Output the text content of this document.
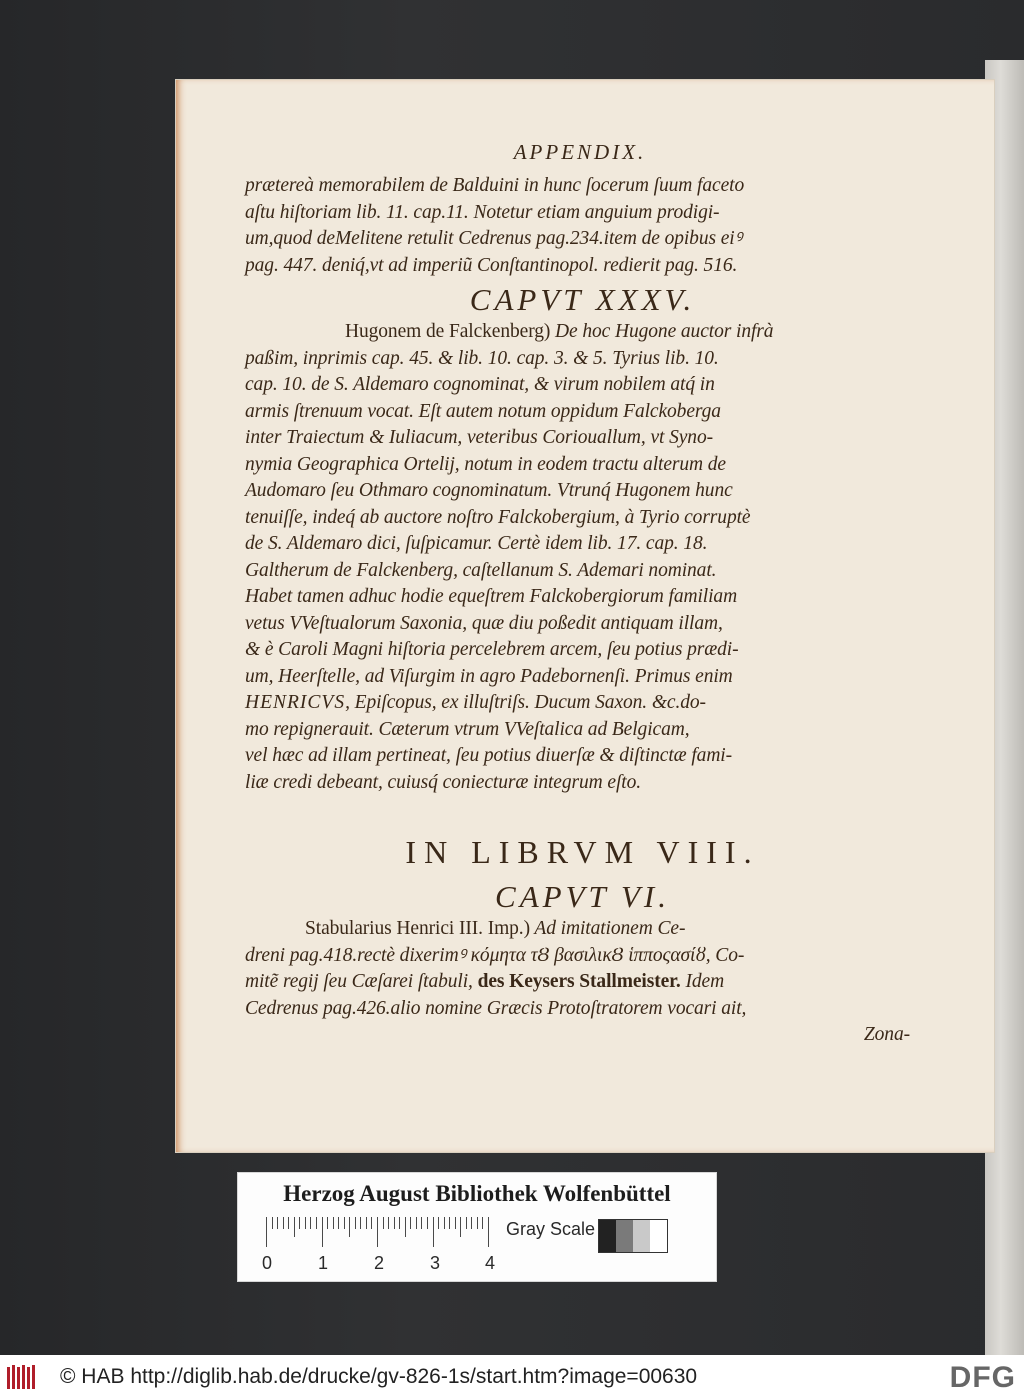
APPENDIX.
prætereà memorabilem de Balduini in hunc ſocerum ſuum faceto
aſtu hiſtoriam lib. 11. cap.11. Notetur etiam anguium prodigi-
um,quod deMelitene retulit Cedrenus pag.234.item de opibus eiꝰ
pag. 447. deniq́,vt ad imperiũ Conſtantinopol. redierit pag. 516.
CAPVT XXXV.
Hugonem de Falckenberg) De hoc Hugone auctor infrà
paßim, inprimis cap. 45. & lib. 10. cap. 3. & 5. Tyrius lib. 10.
cap. 10. de S. Aldemaro cognominat, & virum nobilem atq́ in
armis ſtrenuum vocat. Eſt autem notum oppidum Falckoberga
inter Traiectum & Iuliacum, veteribus Coriouallum, vt Syno-
nymia Geographica Ortelij, notum in eodem tractu alterum de
Audomaro ſeu Othmaro cognominatum. Vtrunq́ Hugonem hunc
tenuiſſe, indeq́ ab auctore noſtro Falckobergium, à Tyrio corruptè
de S. Aldemaro dici, ſuſpicamur. Certè idem lib. 17. cap. 18.
Galtherum de Falckenberg, caſtellanum S. Ademari nominat.
Habet tamen adhuc hodie equeſtrem Falckobergiorum familiam
vetus VVeſtualorum Saxonia, quæ diu poßedit antiquam illam,
& è Caroli Magni hiſtoria percelebrem arcem, ſeu potius prædi-
um, Heerſtelle, ad Viſurgim in agro Padebornenſi. Primus enim
HENRICVS, Epiſcopus, ex illuſtriſs. Ducum Saxon. &c.do-
mo repignerauit. Cæterum vtrum VVeſtalica ad Belgicam,
vel hæc ad illam pertineat, ſeu potius diuerſæ & diſtinctæ fami-
liæ credi debeant, cuiusq́ coniecturæ integrum eſto.
IN LIBRVM VIII.
CAPVT VI.
Stabularius Henrici III. Imp.) Ad imitationem Ce-
dreni pag.418.rectè dixerimꝰ κόμητα τȢ βασιλικȢ ἱπποςασίȣ, Co-
mitẽ regij ſeu Cæſarei ſtabuli, des Keysers Stallmeister. Idem
Cedrenus pag.426.alio nomine Græcis Protoſtratorem vocari ait,
Zona-
Herzog August Bibliothek Wolfenbüttel
0	1	2	3 4
Gray Scale
© HAB http://diglib.hab.de/drucke/gv-826-1s/start.htm?image=00630	DFG
